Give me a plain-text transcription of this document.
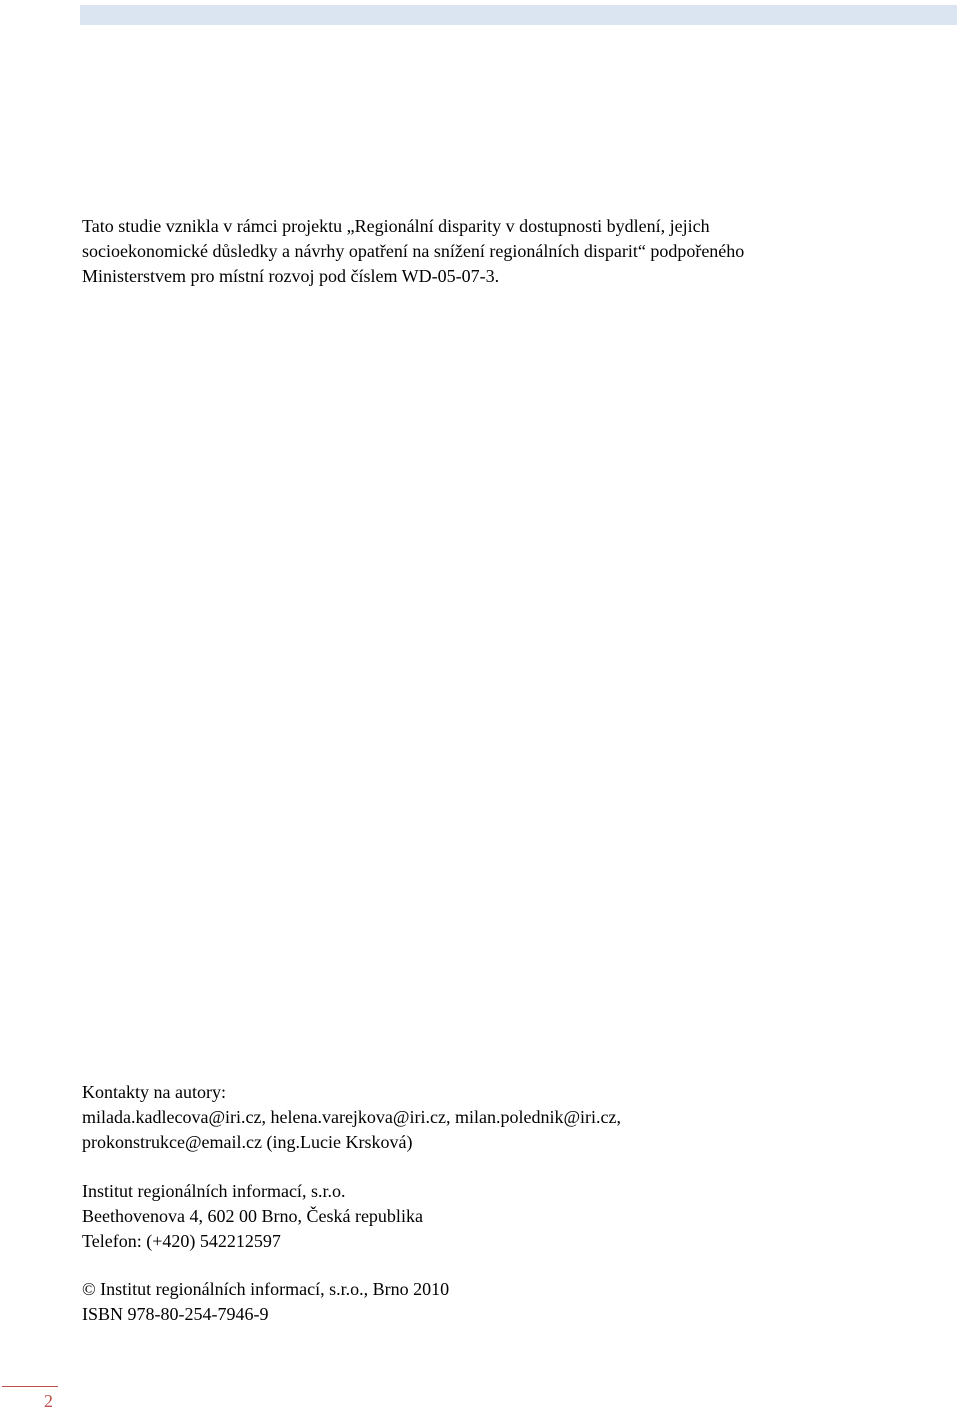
Tato studie vznikla v rámci projektu „Regionální disparity v dostupnosti bydlení, jejich
socioekonomické důsledky a návrhy opatření na snížení regionálních disparit“ podpořeného
Ministerstvem pro místní rozvoj pod číslem WD-05-07-3.
Kontakty na autory:
milada.kadlecova@iri.cz, helena.varejkova@iri.cz, milan.polednik@iri.cz,
prokonstrukce@email.cz (ing.Lucie Krsková)
Institut regionálních informací, s.r.o.
Beethovenova 4, 602 00 Brno, Česká republika
Telefon: (+420) 542212597
© Institut regionálních informací, s.r.o., Brno 2010
ISBN 978-80-254-7946-9
2
